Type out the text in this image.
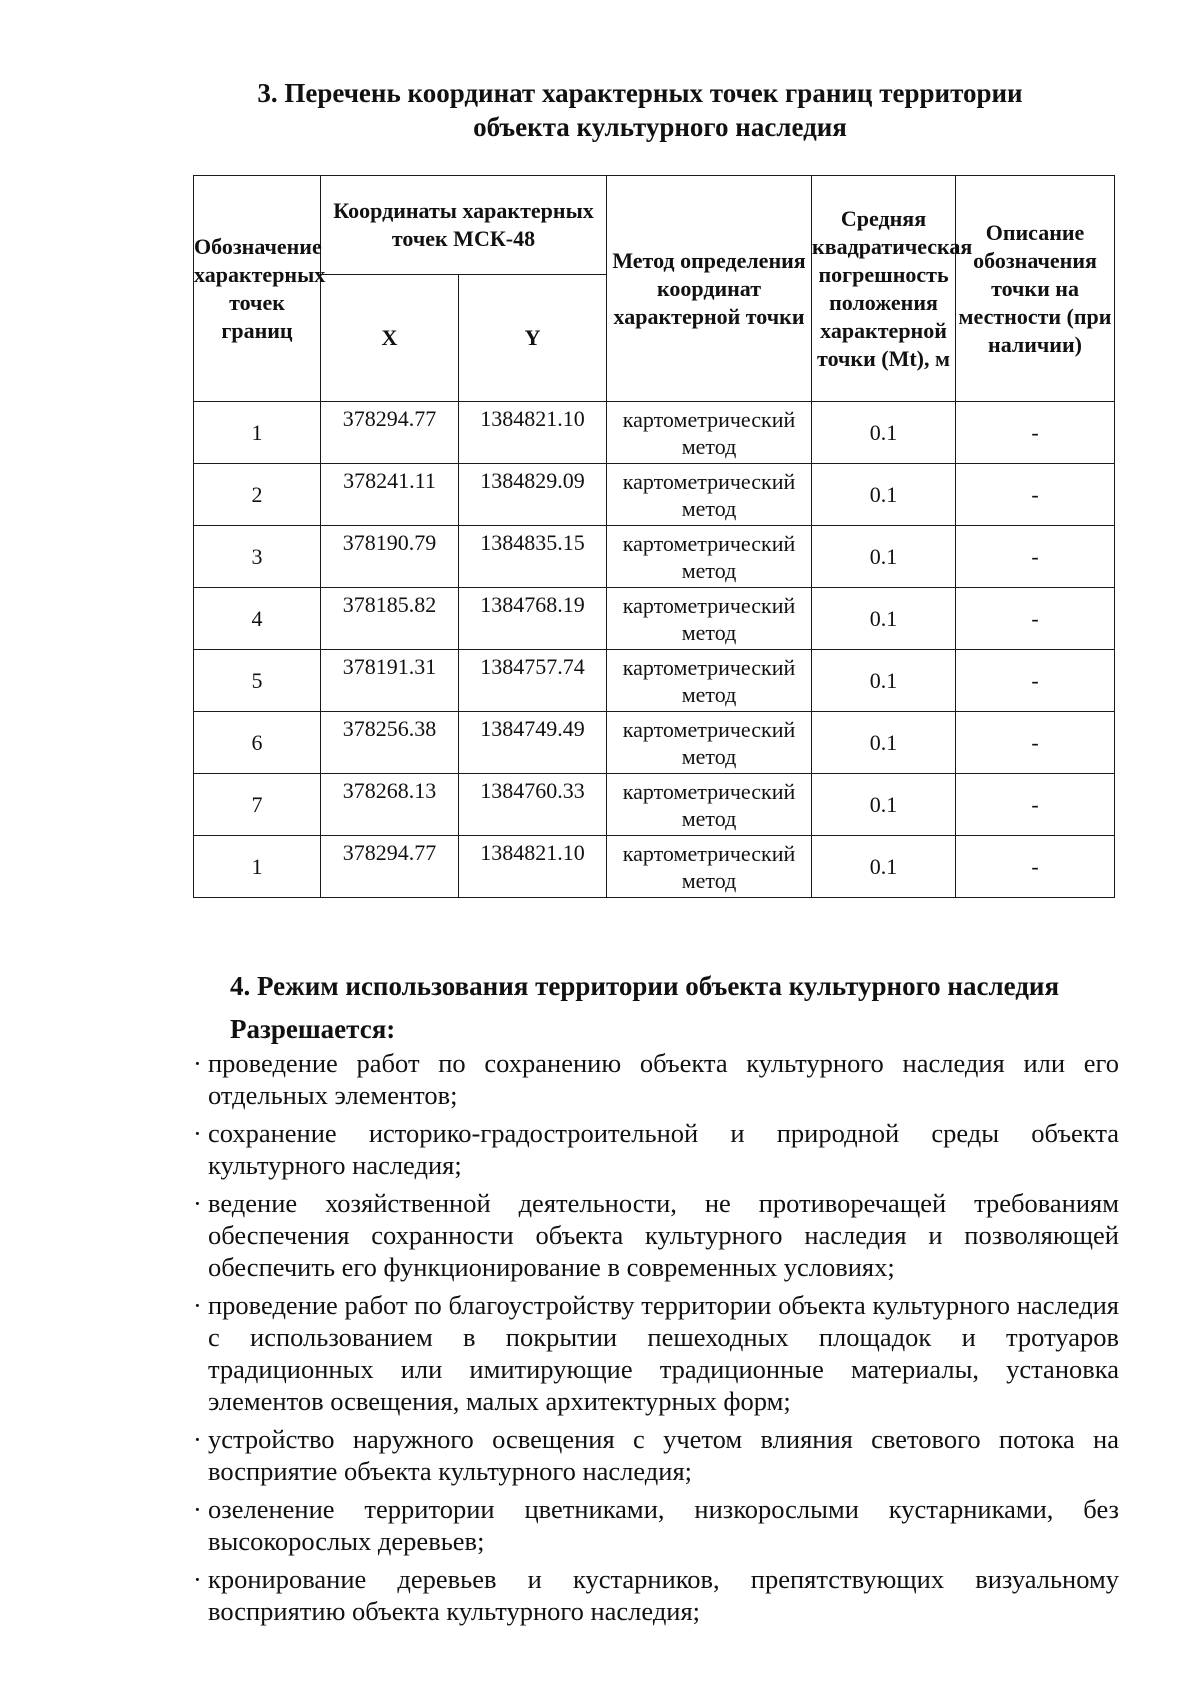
3. Перечень координат характерных точек границ территории
объекта культурного наследия
Обозначение характерных точек границ	Координаты характерных точек МСК-48		Метод определения координат характерной точки	Средняя квадратическая погрешность положения характерной точки (Mt), м	Описание обозначения точки на местности (при наличии)
	X	Y			
1	378294.77	1384821.10	картометрический метод	0.1	-
2	378241.11	1384829.09	картометрический метод	0.1	-
3	378190.79	1384835.15	картометрический метод	0.1	-
4	378185.82	1384768.19	картометрический метод	0.1	-
5	378191.31	1384757.74	картометрический метод	0.1	-
6	378256.38	1384749.49	картометрический метод	0.1	-
7	378268.13	1384760.33	картометрический метод	0.1	-
1	378294.77	1384821.10	картометрический метод	0.1	-
4. Режим использования территории объекта культурного наследия
Разрешается:
· проведение работ по сохранению объекта культурного наследия или его отдельных элементов;
· сохранение историко-градостроительной и природной среды объекта культурного наследия;
· ведение хозяйственной деятельности, не противоречащей требованиям обеспечения сохранности объекта культурного наследия и позволяющей обеспечить его функционирование в современных условиях;
· проведение работ по благоустройству территории объекта культурного наследия с использованием в покрытии пешеходных площадок и тротуаров традиционных или имитирующие традиционные материалы, установка элементов освещения, малых архитектурных форм;
· устройство наружного освещения с учетом влияния светового потока на восприятие объекта культурного наследия;
· озеленение территории цветниками, низкорослыми кустарниками, без высокорослых деревьев;
· кронирование деревьев и кустарников, препятствующих визуальному восприятию объекта культурного наследия;
